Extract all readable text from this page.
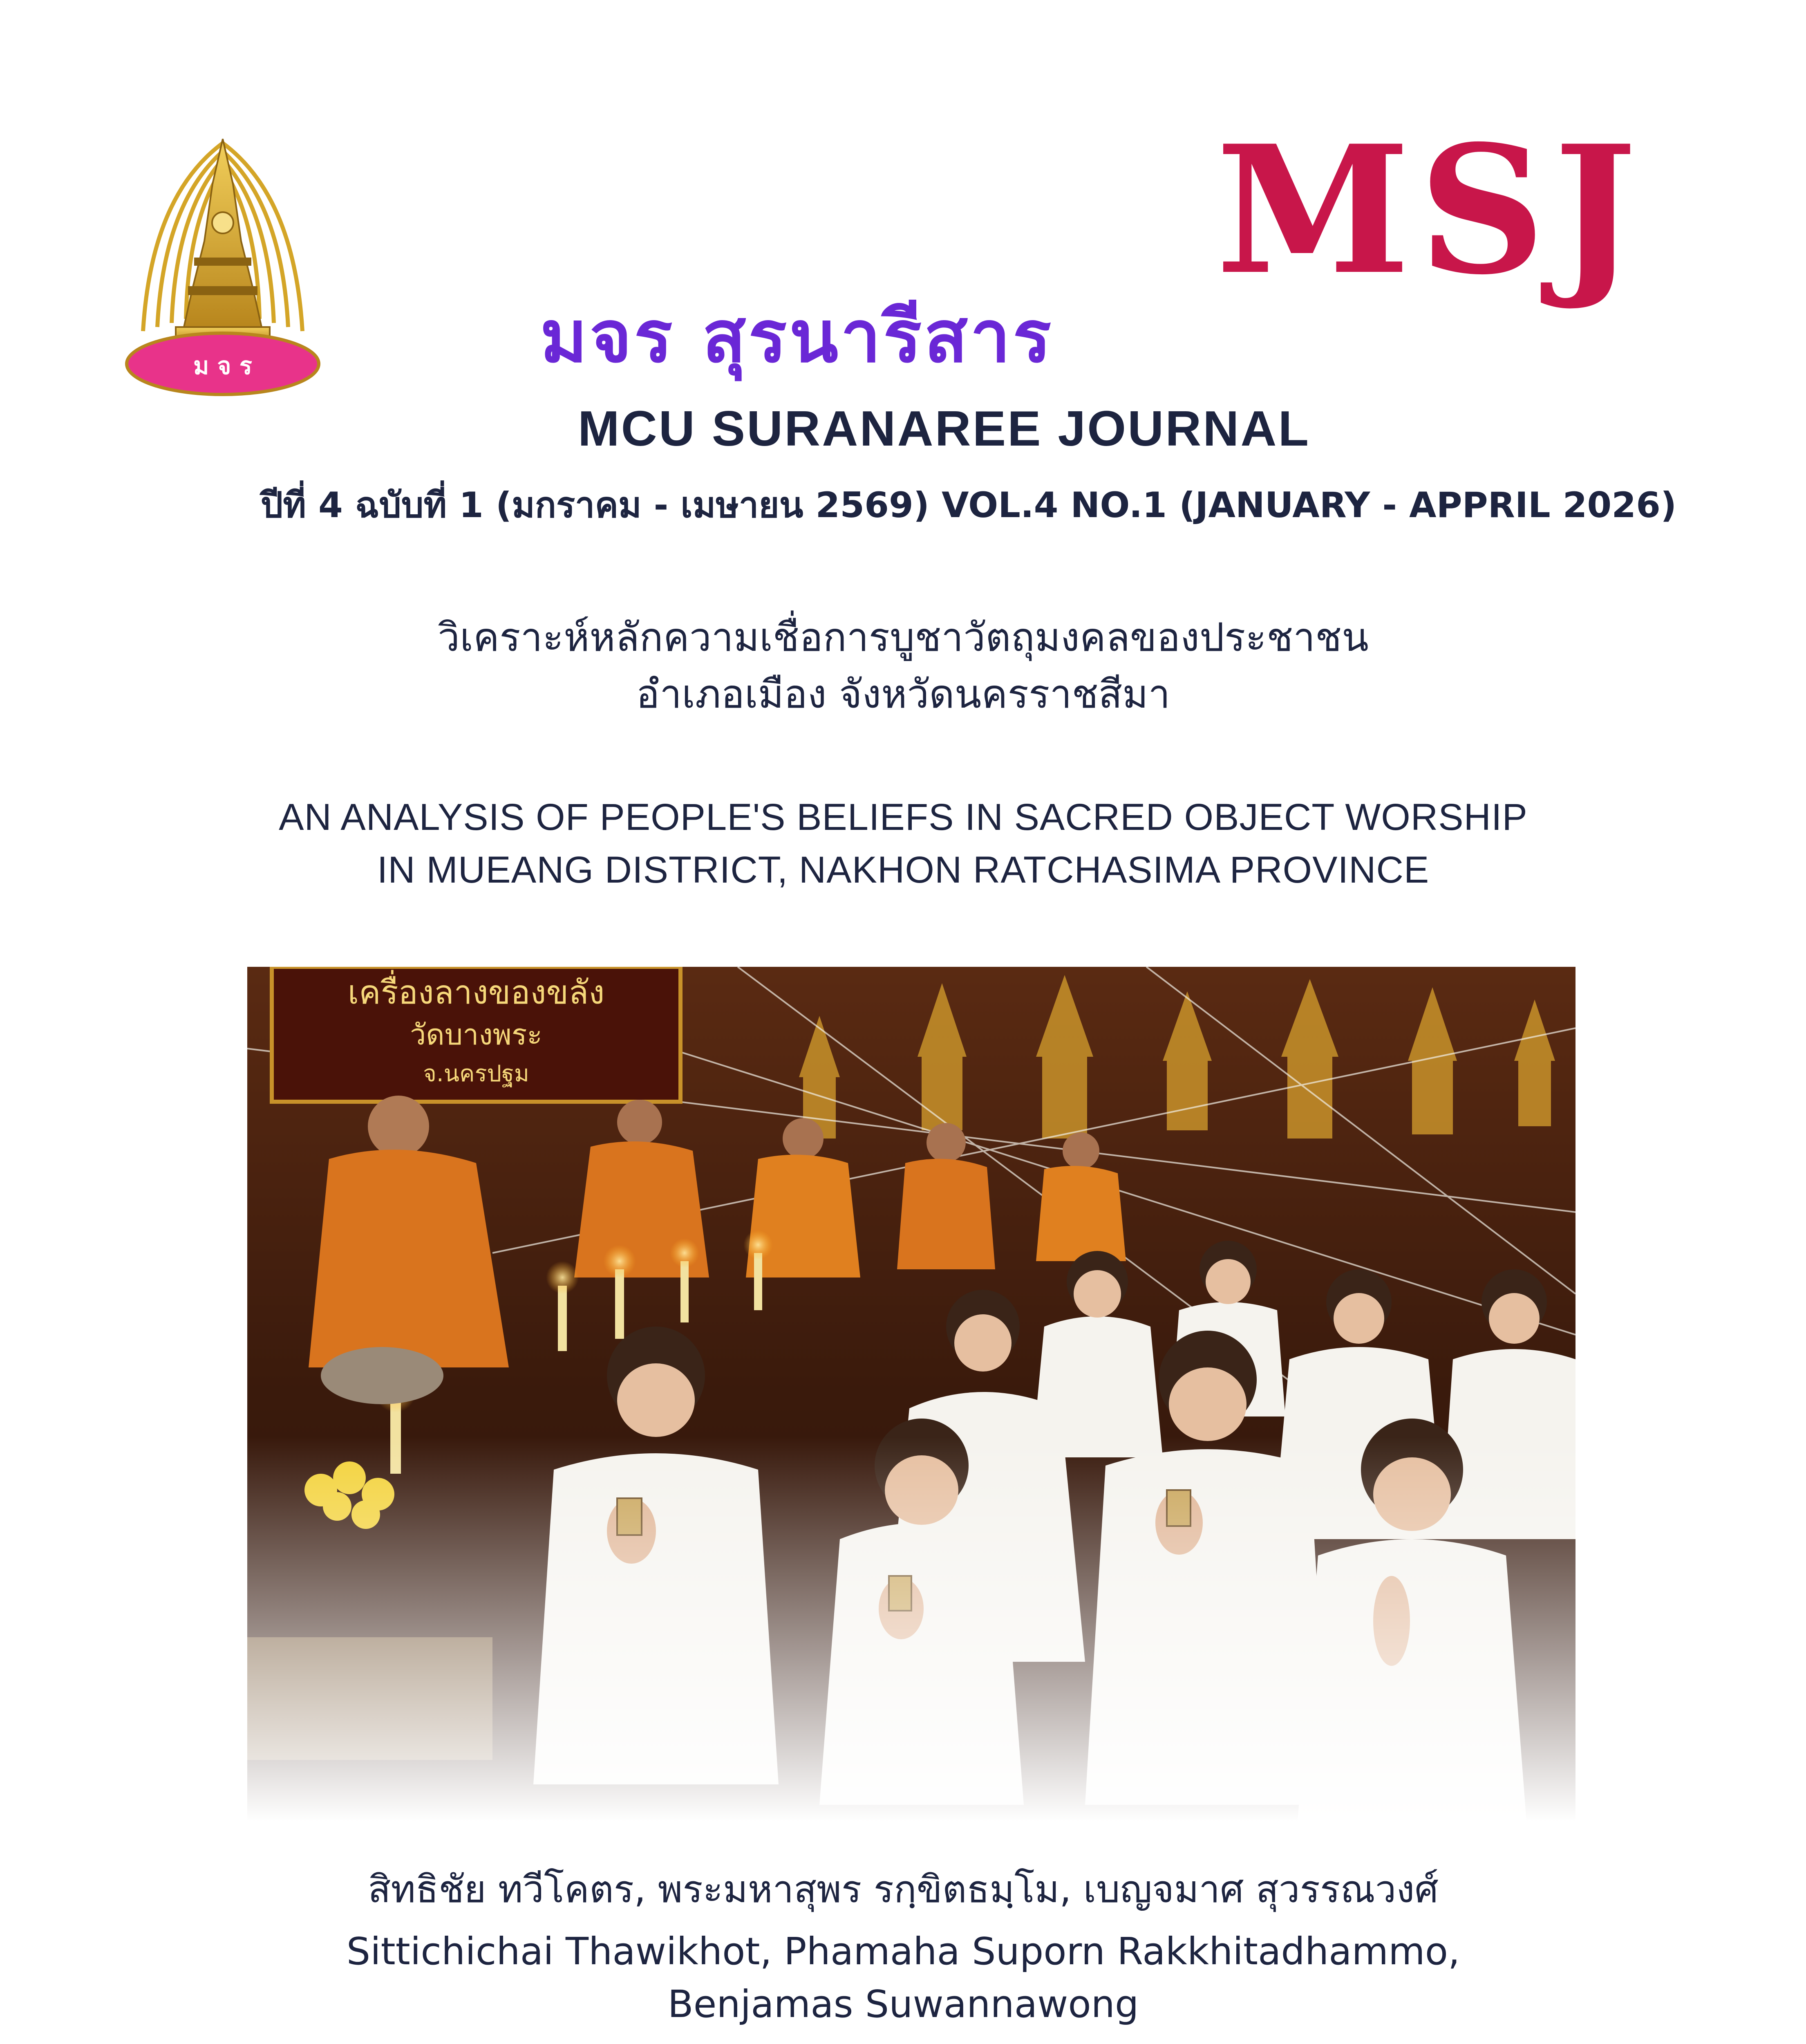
ม จ ร
MSJ
มจร สุรนารีสาร
MCU SURANAREE JOURNAL
ปีที่ 4 ฉบับที่ 1 (มกราคม - เมษายน 2569) VOL.4 NO.1 (JANUARY - APPRIL 2026)
วิเคราะห์หลักความเชื่อการบูชาวัตถุมงคลของประชาชน
อำเภอเมือง จังหวัดนครราชสีมา
AN ANALYSIS OF PEOPLE'S BELIEFS IN SACRED OBJECT WORSHIP
IN MUEANG DISTRICT, NAKHON RATCHASIMA PROVINCE
สิทธิชัย ทวีโคตร, พระมหาสุพร รกฺขิตธมฺโม, เบญจมาศ สุวรรณวงศ์
Sittichichai Thawikhot, Phamaha Suporn Rakkhitadhammo,
Benjamas Suwannawong
